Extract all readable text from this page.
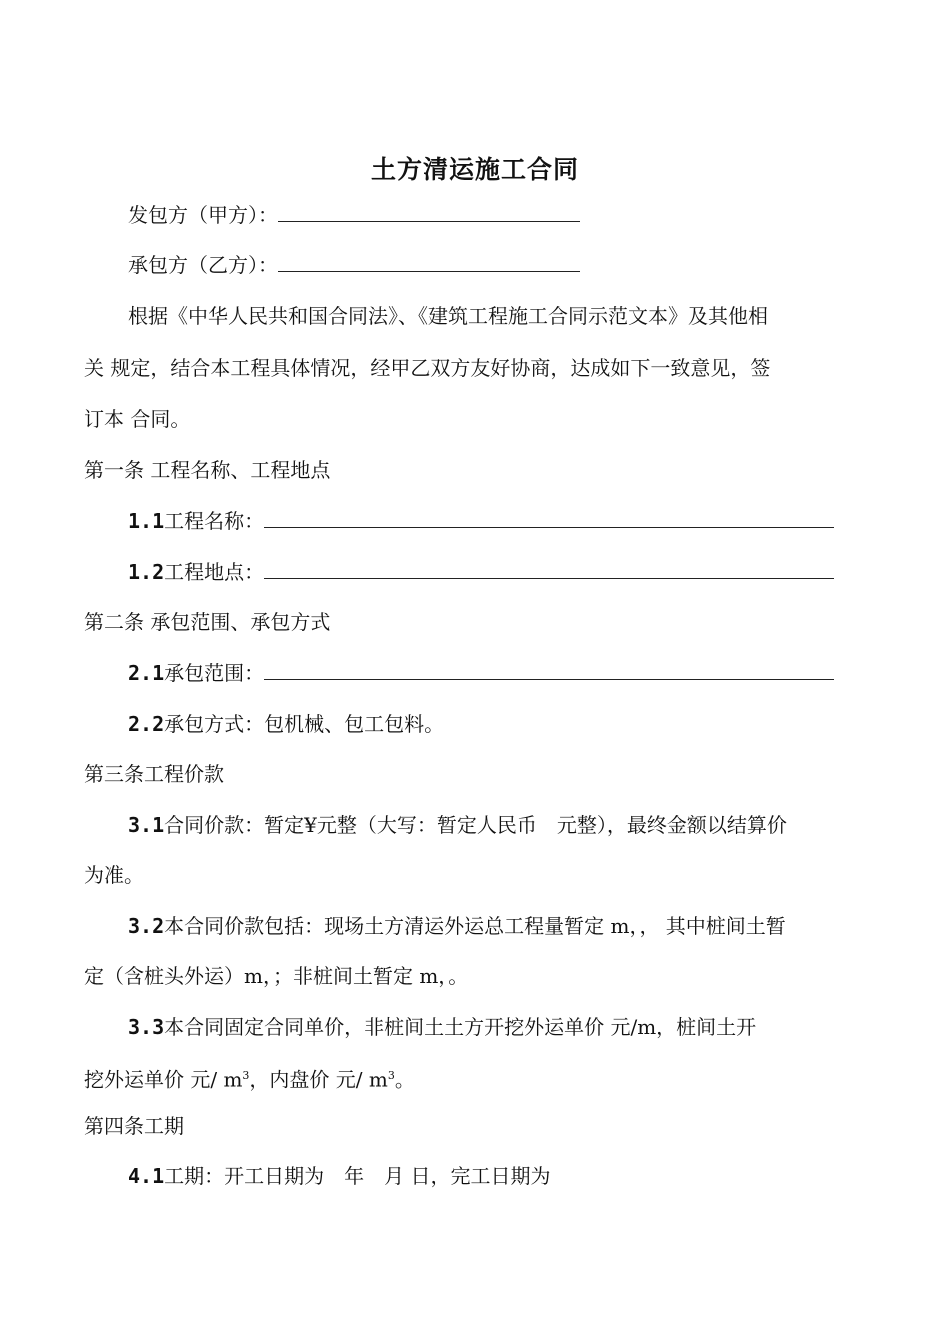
土方清运施工合同
发包方（甲方）：
承包方（乙方）：
根据《中华人民共和国合同法》、《建筑工程施工合同示范文本》及其他相
关 规定，结合本工程具体情况，经甲乙双方友好协商，达成如下一致意见，签
订本 合同。
第一条 工程名称、工程地点
1.1工程名称：
1.2工程地点：
第二条 承包范围、承包方式
2.1承包范围：
2.2承包方式：包机械、包工包料。
第三条工程价款
3.1合同价款：暂定¥元整（大写：暂定人民币　元整），最终金额以结算价
为准。
3.2本合同价款包括：现场土方清运外运总工程量暂定 m，， 其中桩间土暂
定（含桩头外运）m，；非桩间土暂定 m，。
3.3本合同固定合同单价，非桩间土土方开挖外运单价 元/m，桩间土开
挖外运单价 元/ $m^3$，内盘价 元/ $m^3$。
第四条工期
4.1工期：开工日期为　年　月 日，完工日期为
